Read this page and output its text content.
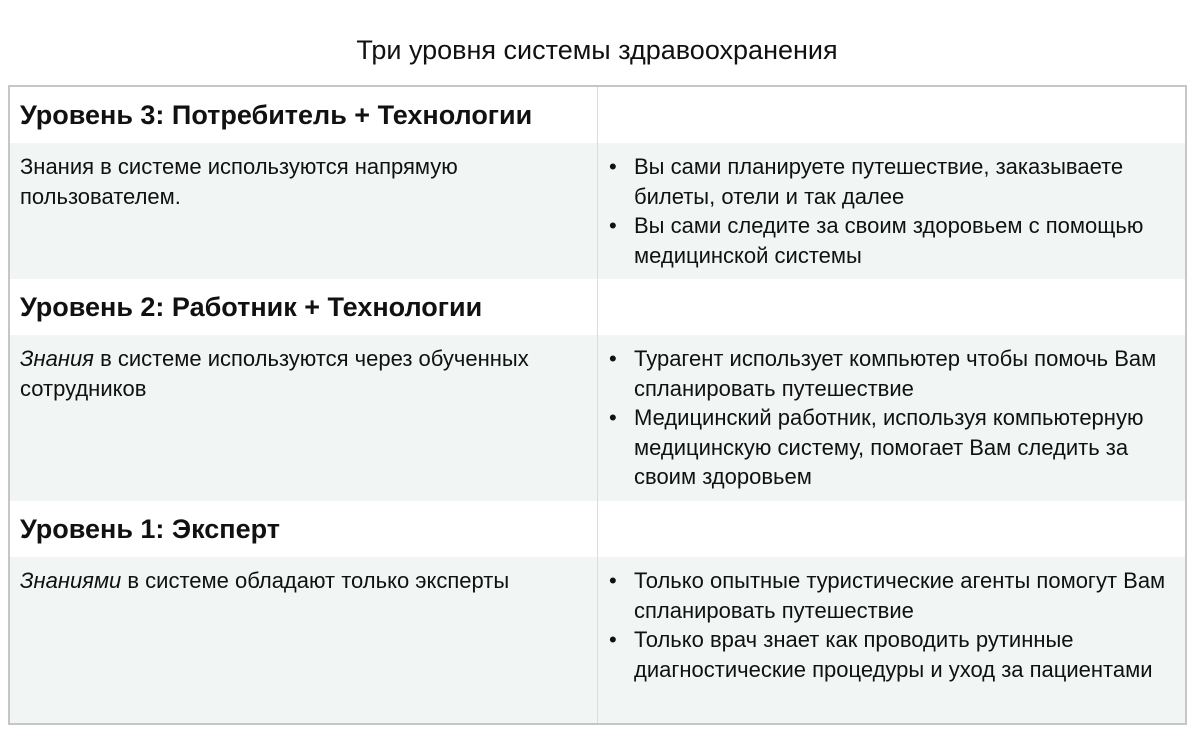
Три уровня системы здравоохранения
Уровень 3: Потребитель + Технологии
Знания в системе используются напрямую пользователем.
• Вы сами планируете путешествие, заказываете билеты, отели и так далее
• Вы сами следите за своим здоровьем с помощью медицинской системы
Уровень 2: Работник + Технологии
Знания в системе используются через обученных сотрудников
• Турагент использует компьютер чтобы помочь Вам спланировать путешествие
• Медицинский работник, используя компьютерную медицинскую систему, помогает Вам следить за своим здоровьем
Уровень 1: Эксперт
Знаниями в системе обладают только эксперты
•	Только опытные туристические агенты помогут Вам спланировать путешествие
• Только врач знает как проводить рутинные диагностические процедуры и уход за пациентами
